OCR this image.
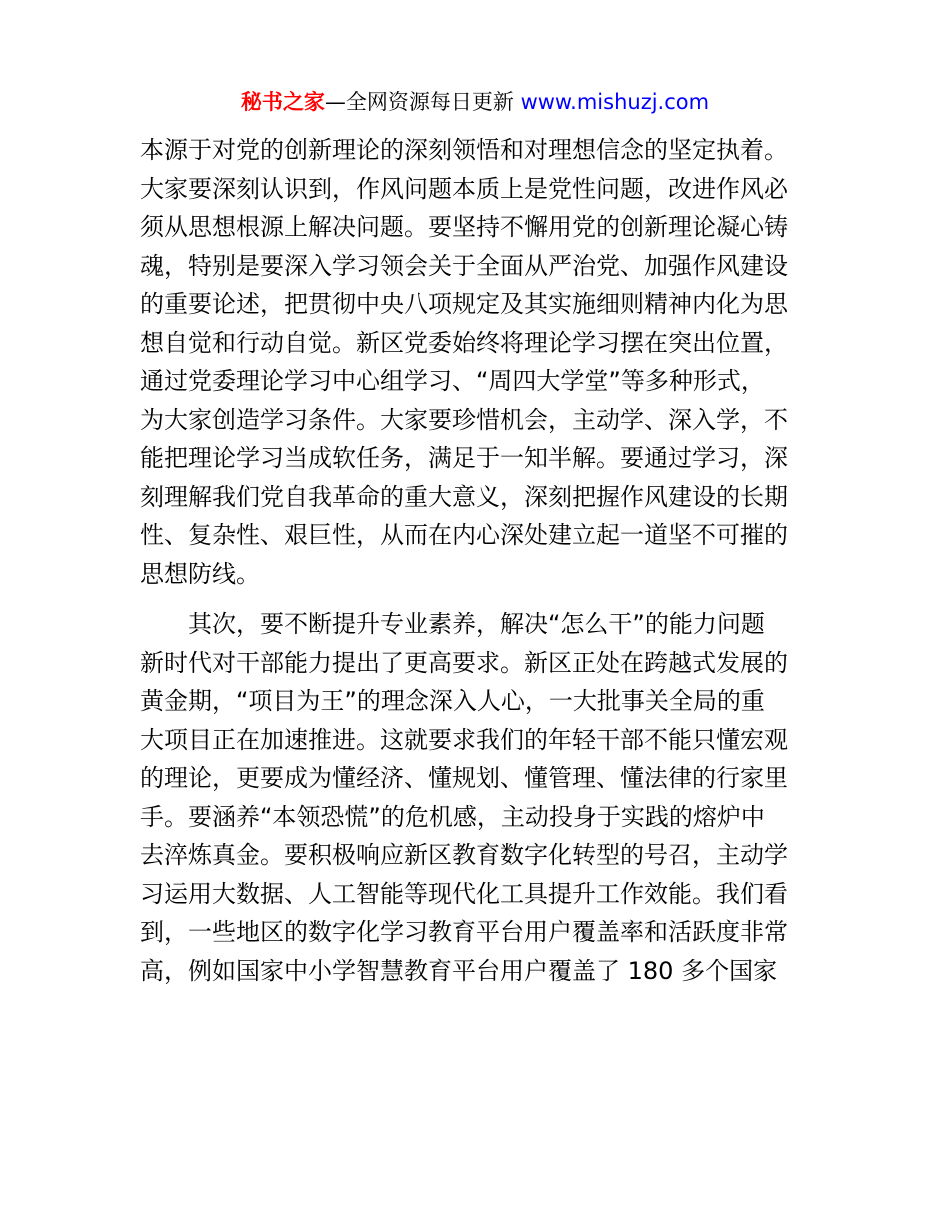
秘书之家—全网资源每日更新 www.mishuzj.com

本源于对党的创新理论的深刻领悟和对理想信念的坚定执着。
大家要深刻认识到，作风问题本质上是党性问题，改进作风必
须从思想根源上解决问题。要坚持不懈用党的创新理论凝心铸
魂，特别是要深入学习领会关于全面从严治党、加强作风建设
的重要论述，把贯彻中央八项规定及其实施细则精神内化为思
想自觉和行动自觉。新区党委始终将理论学习摆在突出位置，
通过党委理论学习中心组学习、“周四大学堂”等多种形式，
为大家创造学习条件。大家要珍惜机会，主动学、深入学，不
能把理论学习当成软任务，满足于一知半解。要通过学习，深
刻理解我们党自我革命的重大意义，深刻把握作风建设的长期
性、复杂性、艰巨性，从而在内心深处建立起一道坚不可摧的
思想防线。

其次，要不断提升专业素养，解决“怎么干”的能力问题
新时代对干部能力提出了更高要求。新区正处在跨越式发展的
黄金期，“项目为王”的理念深入人心，一大批事关全局的重
大项目正在加速推进。这就要求我们的年轻干部不能只懂宏观
的理论，更要成为懂经济、懂规划、懂管理、懂法律的行家里
手。要涵养“本领恐慌”的危机感，主动投身于实践的熔炉中
去淬炼真金。要积极响应新区教育数字化转型的号召，主动学
习运用大数据、人工智能等现代化工具提升工作效能。我们看
到，一些地区的数字化学习教育平台用户覆盖率和活跃度非常
高，例如国家中小学智慧教育平台用户覆盖了 180 多个国家
